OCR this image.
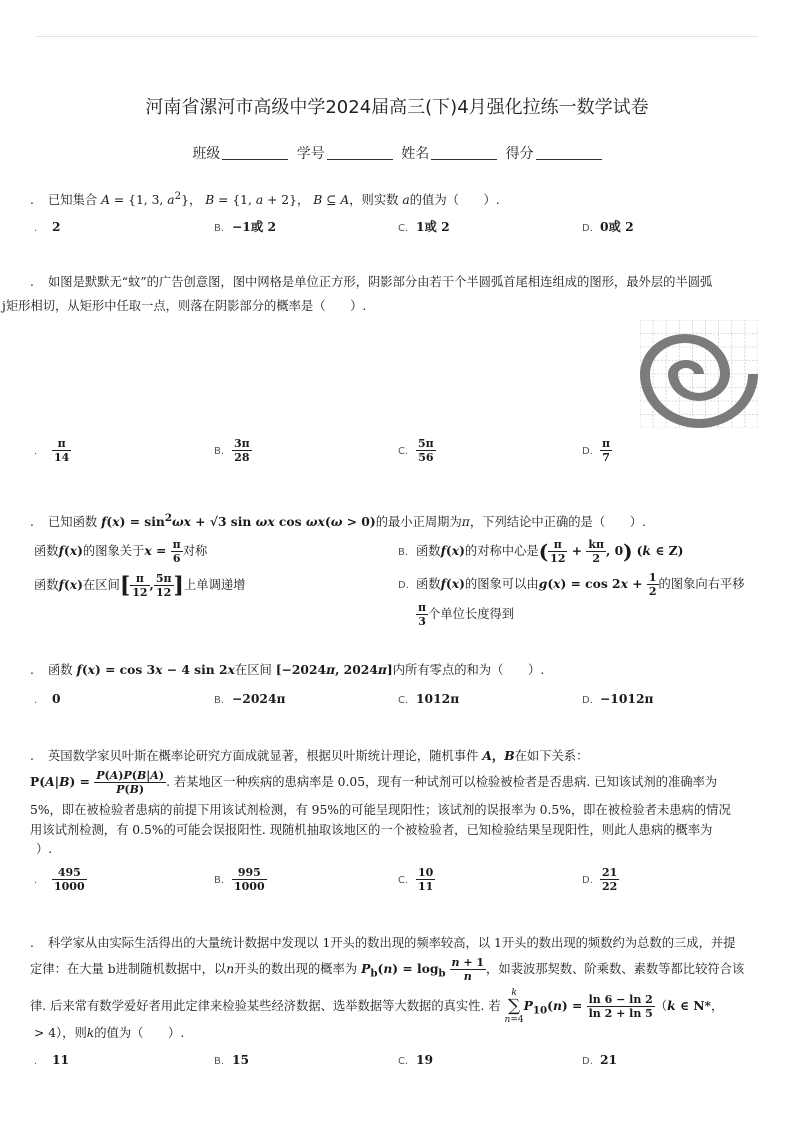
河南省漯河市高级中学2024届高三(下)4月强化拉练一数学试卷
班级	学号	姓名	得分
. 已知集合 A = {1, 3, $a^2$}， B = {1, a + 2}， B ⊆ A，则实数 a的值为（　　）.
. 2	B. −1或 2	C. 1或 2	D. 0或 2
. 如图是默默无“蚊”的广告创意图，图中网格是单位正方形，阴影部分由若干个半圆弧首尾相连组成的图形，最外层的半圆弧
j矩形相切，从矩形中任取一点，则落在阴影部分的概率是（　　）.
. $\frac{\pi}{14}$	B. $\frac{3\pi}{28}$	C. $\frac{5\pi}{56}$	D. $\frac{\pi}{7}$
. 已知函数 $f(x) = \sin^2\omega x + √3$ sin ωx cos ωx(ω > 0)的最小正周期为π，下列结论中正确的是（　　）.
函数f(x)的图象关于$x = \frac{\pi}{6}$ 对称	B. 函数f(x)的对称中心是( $\frac{\pi}{12} + \frac{k\pi}{2}$ , 0) (k ∈ Z)
函数f(x)在区间[ $\frac{\pi}{12}$ , $\frac{5\pi}{12}$ ]上单调递增	D. 函数f(x)的图象可以由$g(x) = \cos 2x + \frac{1}{2}$ 的图象向右平移
$\frac{\pi}{3}$ 个单位长度得到
. 函数 f(x) = cos 3x − 4 sin 2x在区间 [−2024π, 2024π]内所有零点的和为（　　）.
. 0	B. −2024π	C. 1012π	D. −1012π
. 英国数学家贝叶斯在概率论研究方面成就显著，根据贝叶斯统计理论，随机事件 A，B在如下关系：
$P(A|B) = \frac{P(A)P(B|A)}{P(B)}$ . 若某地区一种疾病的患病率是 0.05，现有一种试剂可以检验被检者是否患病. 已知该试剂的准确率为
5%，即在被检验者患病的前提下用该试剂检测，有 95%的可能呈现阳性；该试剂的误报率为 0.5%，即在被检验者未患病的情况
用该试剂检测，有 0.5%的可能会误报阳性. 现随机抽取该地区的一个被检验者，已知检验结果呈现阳性，则此人患病的概率为
）.
. $\frac{495}{1000}$	B. $\frac{995}{1000}$	C. $\frac{10}{11}$	D. $\frac{21}{22}$
. 科学家从由实际生活得出的大量统计数据中发现以 1开头的数出现的频率较高，以 1开头的数出现的频数约为总数的三成，并提
定律：在大量 b进制随机数据中，以n开头的数出现的概率为 $P_b(n) = \log_b \frac{n + 1}{n}$ ，如裴波那契数、阶乘数、素数等都比较符合该
律. 后来常有数学爱好者用此定律来检验某些经济数据、选举数据等大数据的真实性. 若
k
∑
n=4
$P_{10}(n) = \frac{\ln 6 - \ln 2}{\ln 2 + \ln 5} (k$ ∈ N*，
> 4），则k的值为（　　）.
. 11	B. 15	C. 19	D. 21
